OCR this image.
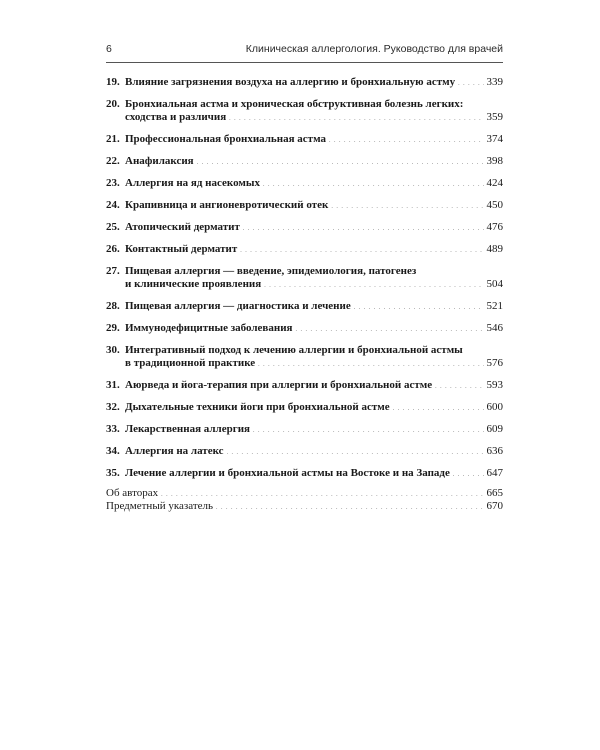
6	Клиническая аллергология. Руководство для врачей
19. Влияние загрязнения воздуха на аллергию и бронхиальную астму . . .	339
20. Бронхиальная астма и хроническая обструктивная болезнь легких:
сходства и различия . . .	359
21. Профессиональная бронхиальная астма . . .	374
22. Анафилаксия . . .	398
23. Аллергия на яд насекомых . . .	424
24. Крапивница и ангионевротический отек . . .	450
25. Атопический дерматит . . .	476
26. Контактный дерматит . . .	489
27. Пищевая аллергия — введение, эпидемиология, патогенез
и клинические проявления . . .	504
28. Пищевая аллергия — диагностика и лечение . . .	521
29. Иммунодефицитные заболевания . . .	546
30. Интегративный подход к лечению аллергии и бронхиальной астмы
в традиционной практике . . .	576
31. Аюрведа и йога-терапия при аллергии и бронхиальной астме . . .	593
32. Дыхательные техники йоги при бронхиальной астме . . .	600
33. Лекарственная аллергия . . .	609
34. Аллергия на латекс . . .	636
35. Лечение аллергии и бронхиальной астмы на Востоке и на Западе . . .	647
Об авторах . . .	665
Предметный указатель . . .	670
